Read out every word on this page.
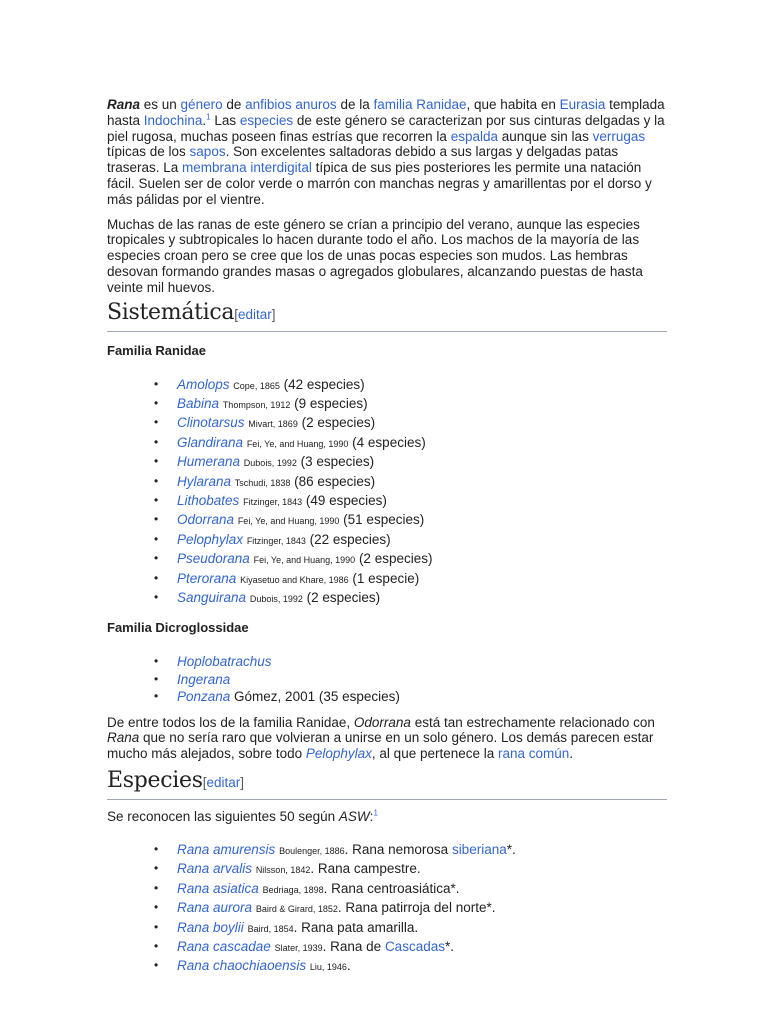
Rana es un género de anfibios anuros de la familia Ranidae, que habita en Eurasia templada hasta Indochina.$^1$ Las especies de este género se caracterizan por sus cinturas delgadas y la piel rugosa, muchas poseen finas estrías que recorren la espalda aunque sin las verrugas típicas de los sapos. Son excelentes saltadoras debido a sus largas y delgadas patas traseras. La membrana interdigital típica de sus pies posteriores les permite una natación fácil. Suelen ser de color verde o marrón con manchas negras y amarillentas por el dorso y más pálidas por el vientre.

Muchas de las ranas de este género se crían a principio del verano, aunque las especies tropicales y subtropicales lo hacen durante todo el año. Los machos de la mayoría de las especies croan pero se cree que los de unas pocas especies son mudos. Las hembras desovan formando grandes masas o agregados globulares, alcanzando puestas de hasta veinte mil huevos.

Sistemática[editar]
Familia Ranidae
• Amolops Cope, 1865 (42 especies)
• Babina Thompson, 1912 (9 especies)
• Clinotarsus Mivart, 1869 (2 especies)
• Glandirana Fei, Ye, and Huang, 1990 (4 especies)
• Humerana Dubois, 1992 (3 especies)
• Hylarana Tschudi, 1838 (86 especies)
• Lithobates Fitzinger, 1843 (49 especies)
• Odorrana Fei, Ye, and Huang, 1990 (51 especies)
• Pelophylax Fitzinger, 1843 (22 especies)
• Pseudorana Fei, Ye, and Huang, 1990 (2 especies)
• Pterorana Kiyasetuo and Khare, 1986 (1 especie)
• Sanguirana Dubois, 1992 (2 especies)
Familia Dicroglossidae
• Hoplobatrachus
• Ingerana
• Ponzana Gómez, 2001 (35 especies)

De entre todos los de la familia Ranidae, Odorrana está tan estrechamente relacionado con Rana que no sería raro que volvieran a unirse en un solo género. Los demás parecen estar mucho más alejados, sobre todo Pelophylax, al que pertenece la rana común.

Especies[editar]

Se reconocen las siguientes 50 según ASW:$^1$

• Rana amurensis Boulenger, 1886. Rana nemorosa siberiana*.
• Rana arvalis Nilsson, 1842. Rana campestre.
• Rana asiatica Bedriaga, 1898. Rana centroasiática*.
• Rana aurora Baird & Girard, 1852. Rana patirroja del norte*.
• Rana boylii Baird, 1854. Rana pata amarilla.
• Rana cascadae Slater, 1939. Rana de Cascadas*.
• Rana chaochiaoensis Liu, 1946.
